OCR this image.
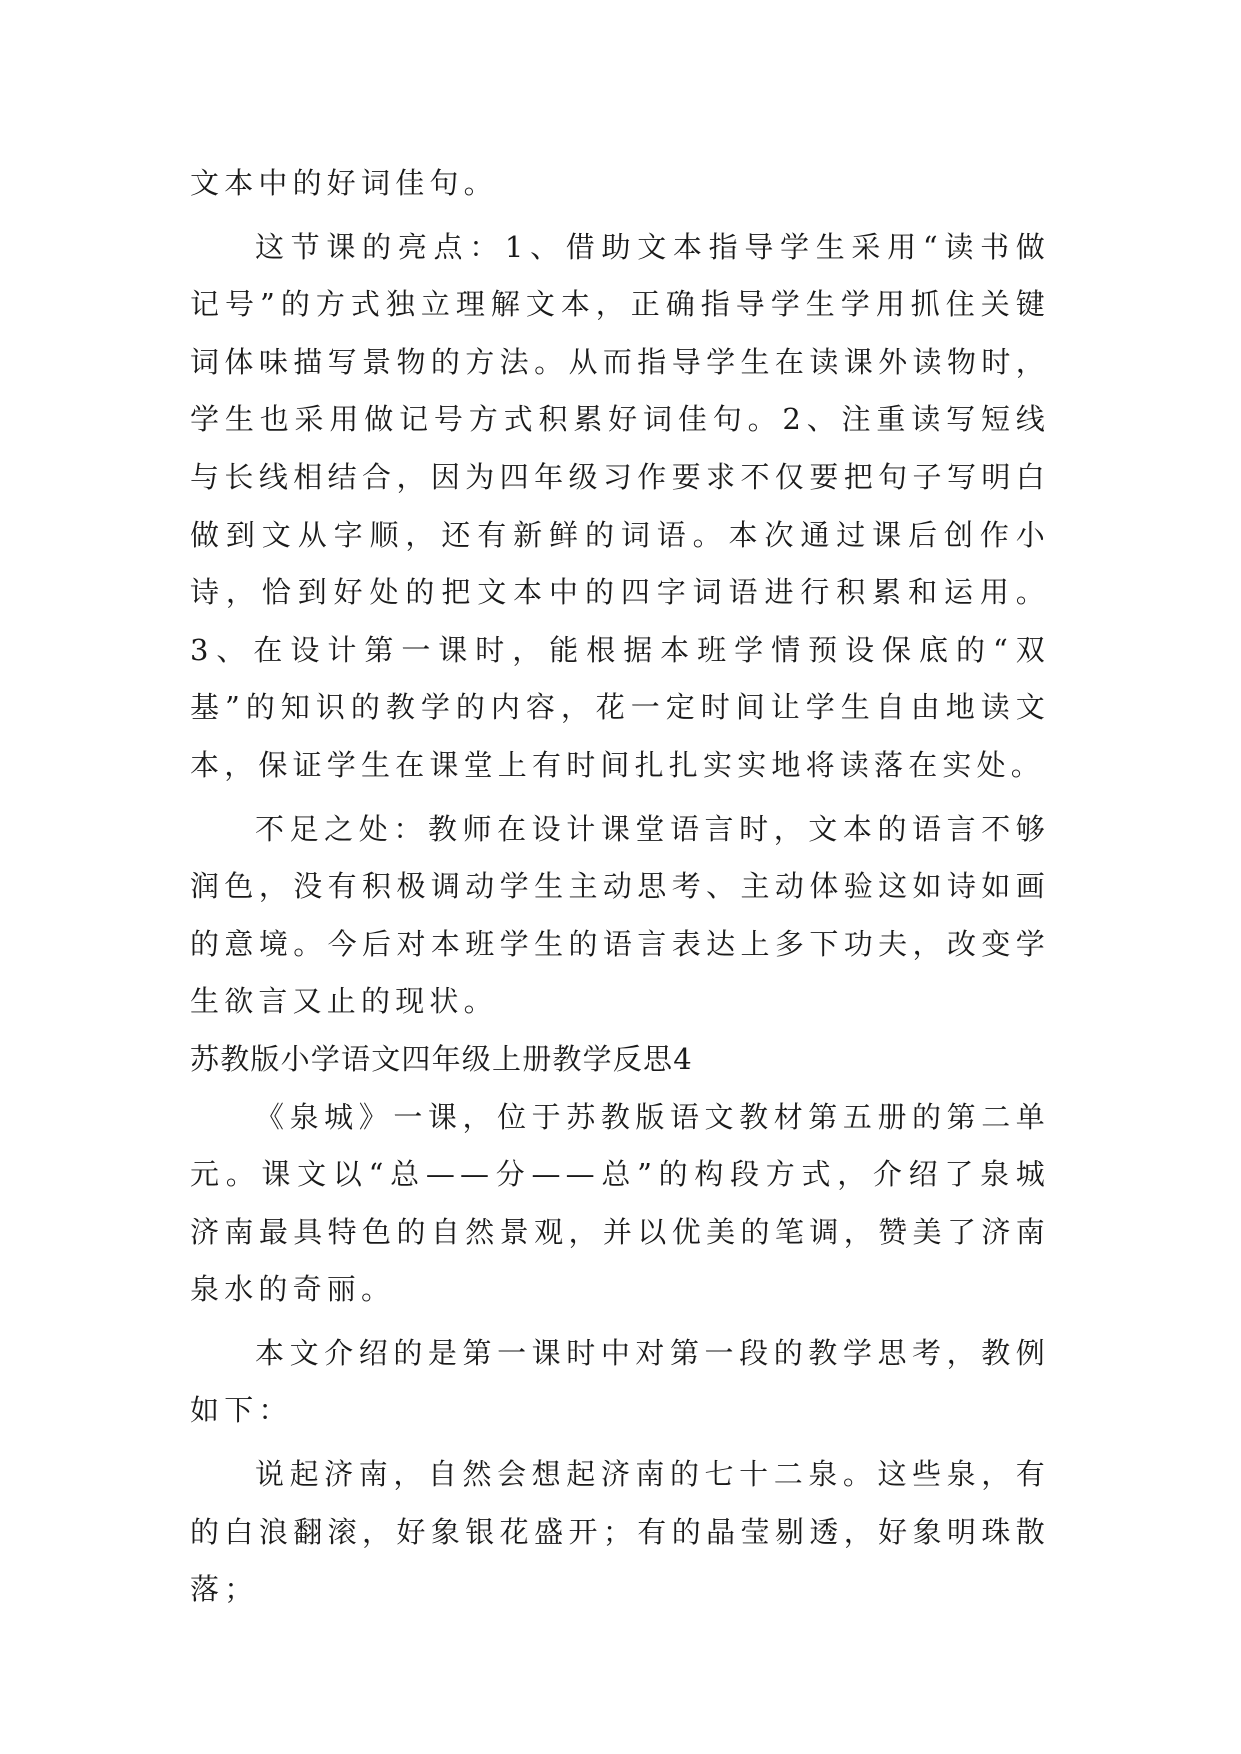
文本中的好词佳句。

这节课的亮点：1、借助文本指导学生采用“读书做记号”的方式独立理解文本，正确指导学生学用抓住关键词体味描写景物的方法。从而指导学生在读课外读物时，学生也采用做记号方式积累好词佳句。2、注重读写短线与长线相结合，因为四年级习作要求不仅要把句子写明白做到文从字顺，还有新鲜的词语。本次通过课后创作小诗，恰到好处的把文本中的四字词语进行积累和运用。3、在设计第一课时，能根据本班学情预设保底的“双基”的知识的教学的内容，花一定时间让学生自由地读文本，保证学生在课堂上有时间扎扎实实地将读落在实处。

不足之处：教师在设计课堂语言时，文本的语言不够润色，没有积极调动学生主动思考、主动体验这如诗如画的意境。今后对本班学生的语言表达上多下功夫，改变学生欲言又止的现状。

苏教版小学语文四年级上册教学反思4

《泉城》一课，位于苏教版语文教材第五册的第二单元。课文以“总——分——总”的构段方式，介绍了泉城济南最具特色的自然景观，并以优美的笔调，赞美了济南泉水的奇丽。

本文介绍的是第一课时中对第一段的教学思考，教例如下：

说起济南，自然会想起济南的七十二泉。这些泉，有的白浪翻滚，好象银花盛开；有的晶莹剔透，好象明珠散落；
